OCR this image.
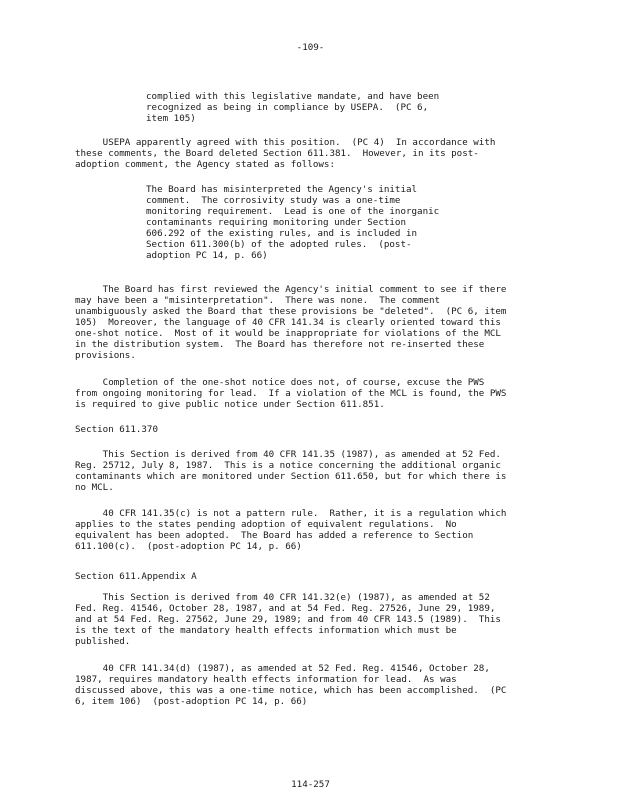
-109-
complied with this legislative mandate, and have been
recognized as being in compliance by USEPA.  (PC 6,
item 105)
USEPA apparently agreed with this position.  (PC 4)  In accordance with
these comments, the Board deleted Section 611.381.  However, in its post-
adoption comment, the Agency stated as follows:
The Board has misinterpreted the Agency's initial
comment.  The corrosivity study was a one-time
monitoring requirement.  Lead is one of the inorganic
contaminants requiring monitoring under Section
606.292 of the existing rules, and is included in
Section 611.300(b) of the adopted rules.  (post-
adoption PC 14, p. 66)
The Board has first reviewed the Agency's initial comment to see if there
may have been a "misinterpretation".  There was none.  The comment
unambiguously asked the Board that these provisions be "deleted".  (PC 6, item
105)  Moreover, the language of 40 CFR 141.34 is clearly oriented toward this
one-shot notice.  Most of it would be inappropriate for violations of the MCL
in the distribution system.  The Board has therefore not re-inserted these
provisions.
Completion of the one-shot notice does not, of course, excuse the PWS
from ongoing monitoring for lead.  If a violation of the MCL is found, the PWS
is required to give public notice under Section 611.851.
Section 611.370
This Section is derived from 40 CFR 141.35 (1987), as amended at 52 Fed.
Reg. 25712, July 8, 1987.  This is a notice concerning the additional organic
contaminants which are monitored under Section 611.650, but for which there is
no MCL.
40 CFR 141.35(c) is not a pattern rule.  Rather, it is a regulation which
applies to the states pending adoption of equivalent regulations.  No
equivalent has been adopted.  The Board has added a reference to Section
611.100(c).  (post-adoption PC 14, p. 66)
Section 611.Appendix A
This Section is derived from 40 CFR 141.32(e) (1987), as amended at 52
Fed. Reg. 41546, October 28, 1987, and at 54 Fed. Reg. 27526, June 29, 1989,
and at 54 Fed. Reg. 27562, June 29, 1989; and from 40 CFR 143.5 (1989).  This
is the text of the mandatory health effects information which must be
published.
40 CFR 141.34(d) (1987), as amended at 52 Fed. Reg. 41546, October 28,
1987, requires mandatory health effects information for lead.  As was
discussed above, this was a one-time notice, which has been accomplished.  (PC
6, item 106)  (post-adoption PC 14, p. 66)
114-257
